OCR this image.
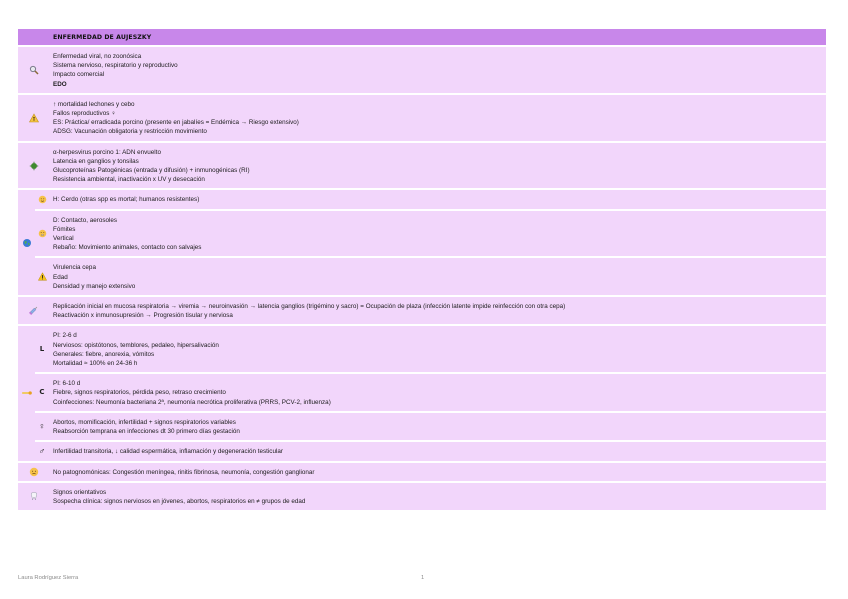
ENFERMEDAD DE AUJESZKY
Enfermedad viral, no zoonósica
Sistema nervioso, respiratorio y reproductivo
Impacto comercial
EDO
↑ mortalidad lechones y cebo
Fallos reproductivos ♀
ES: Práctica/ erradicada porcino (presente en jabalíes = Endémica → Riesgo extensivo)
ADSG: Vacunación obligatoria y restricción movimiento
α-herpesvirus porcino 1: ADN envuelto
Latencia en ganglios y tonsilas
Glucoproteínas Patogénicas (entrada y difusión) + inmunogénicas (RI)
Resistencia ambiental, inactivación x UV y desecación
H: Cerdo (otras spp es mortal; humanos resistentes)
D: Contacto, aerosoles
Fómites
Vertical
Rebaño: Movimiento animales, contacto con salvajes
Virulencia cepa
Edad
Densidad y manejo extensivo
Replicación inicial en mucosa respiratoria → viremia → neuroinvasión → latencia ganglios (trigémino y sacro) = Ocupación de plaza (infección latente impide reinfección con otra cepa)
Reactivación x inmunosupresión → Progresión tisular y nerviosa
L
PI: 2-6 d
Nerviosos: opistótonos, temblores, pedaleo, hipersalivación
Generales: fiebre, anorexia, vómitos
Mortalidad ≈ 100% en 24-36 h
C
PI: 6-10 d
Fiebre, signos respiratorios, pérdida peso, retraso crecimiento
Coinfecciones: Neumonía bacteriana 2ª, neumonía necrótica proliferativa (PRRS, PCV-2, influenza)
♀	Abortos, momificación, infertilidad + signos respiratorios variables
Reabsorción temprana en infecciones dt 30 primero días gestación
♂	Infertilidad transitoria, ↓ calidad espermática, inflamación y degeneración testicular
No patognomónicas: Congestión meníngea, rinitis fibrinosa, neumonía, congestión ganglionar
Signos orientativos
Sospecha clínica: signos nerviosos en jóvenes, abortos, respiratorios en ≠ grupos de edad
Laura Rodríguez Sierra	1
